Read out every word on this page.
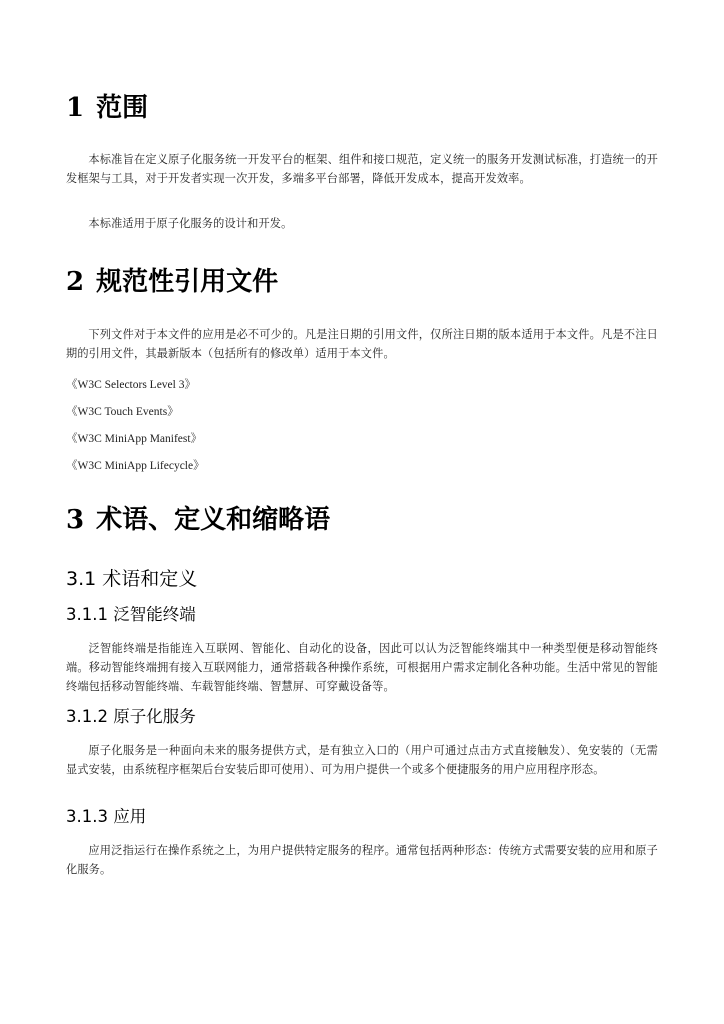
1 范围

本标准旨在定义原子化服务统一开发平台的框架、组件和接口规范，定义统一的服务开发测试标准，打造统一的开发框架与工具，对于开发者实现一次开发，多端多平台部署，降低开发成本，提高开发效率。

本标准适用于原子化服务的设计和开发。

2 规范性引用文件

下列文件对于本文件的应用是必不可少的。凡是注日期的引用文件，仅所注日期的版本适用于本文件。凡是不注日期的引用文件，其最新版本（包括所有的修改单）适用于本文件。

《W3C Selectors Level 3》

《W3C Touch Events》

《W3C MiniApp Manifest》

《W3C MiniApp Lifecycle》

3 术语、定义和缩略语
3.1 术语和定义
3.1.1 泛智能终端

泛智能终端是指能连入互联网、智能化、自动化的设备，因此可以认为泛智能终端其中一种类型便是移动智能终端。移动智能终端拥有接入互联网能力，通常搭载各种操作系统，可根据用户需求定制化各种功能。生活中常见的智能终端包括移动智能终端、车载智能终端、智慧屏、可穿戴设备等。

3.1.2 原子化服务

原子化服务是一种面向未来的服务提供方式，是有独立入口的（用户可通过点击方式直接触发）、免安装的（无需显式安装，由系统程序框架后台安装后即可使用）、可为用户提供一个或多个便捷服务的用户应用程序形态。

3.1.3 应用

应用泛指运行在操作系统之上，为用户提供特定服务的程序。通常包括两种形态：传统方式需要安装的应用和原子化服务。
